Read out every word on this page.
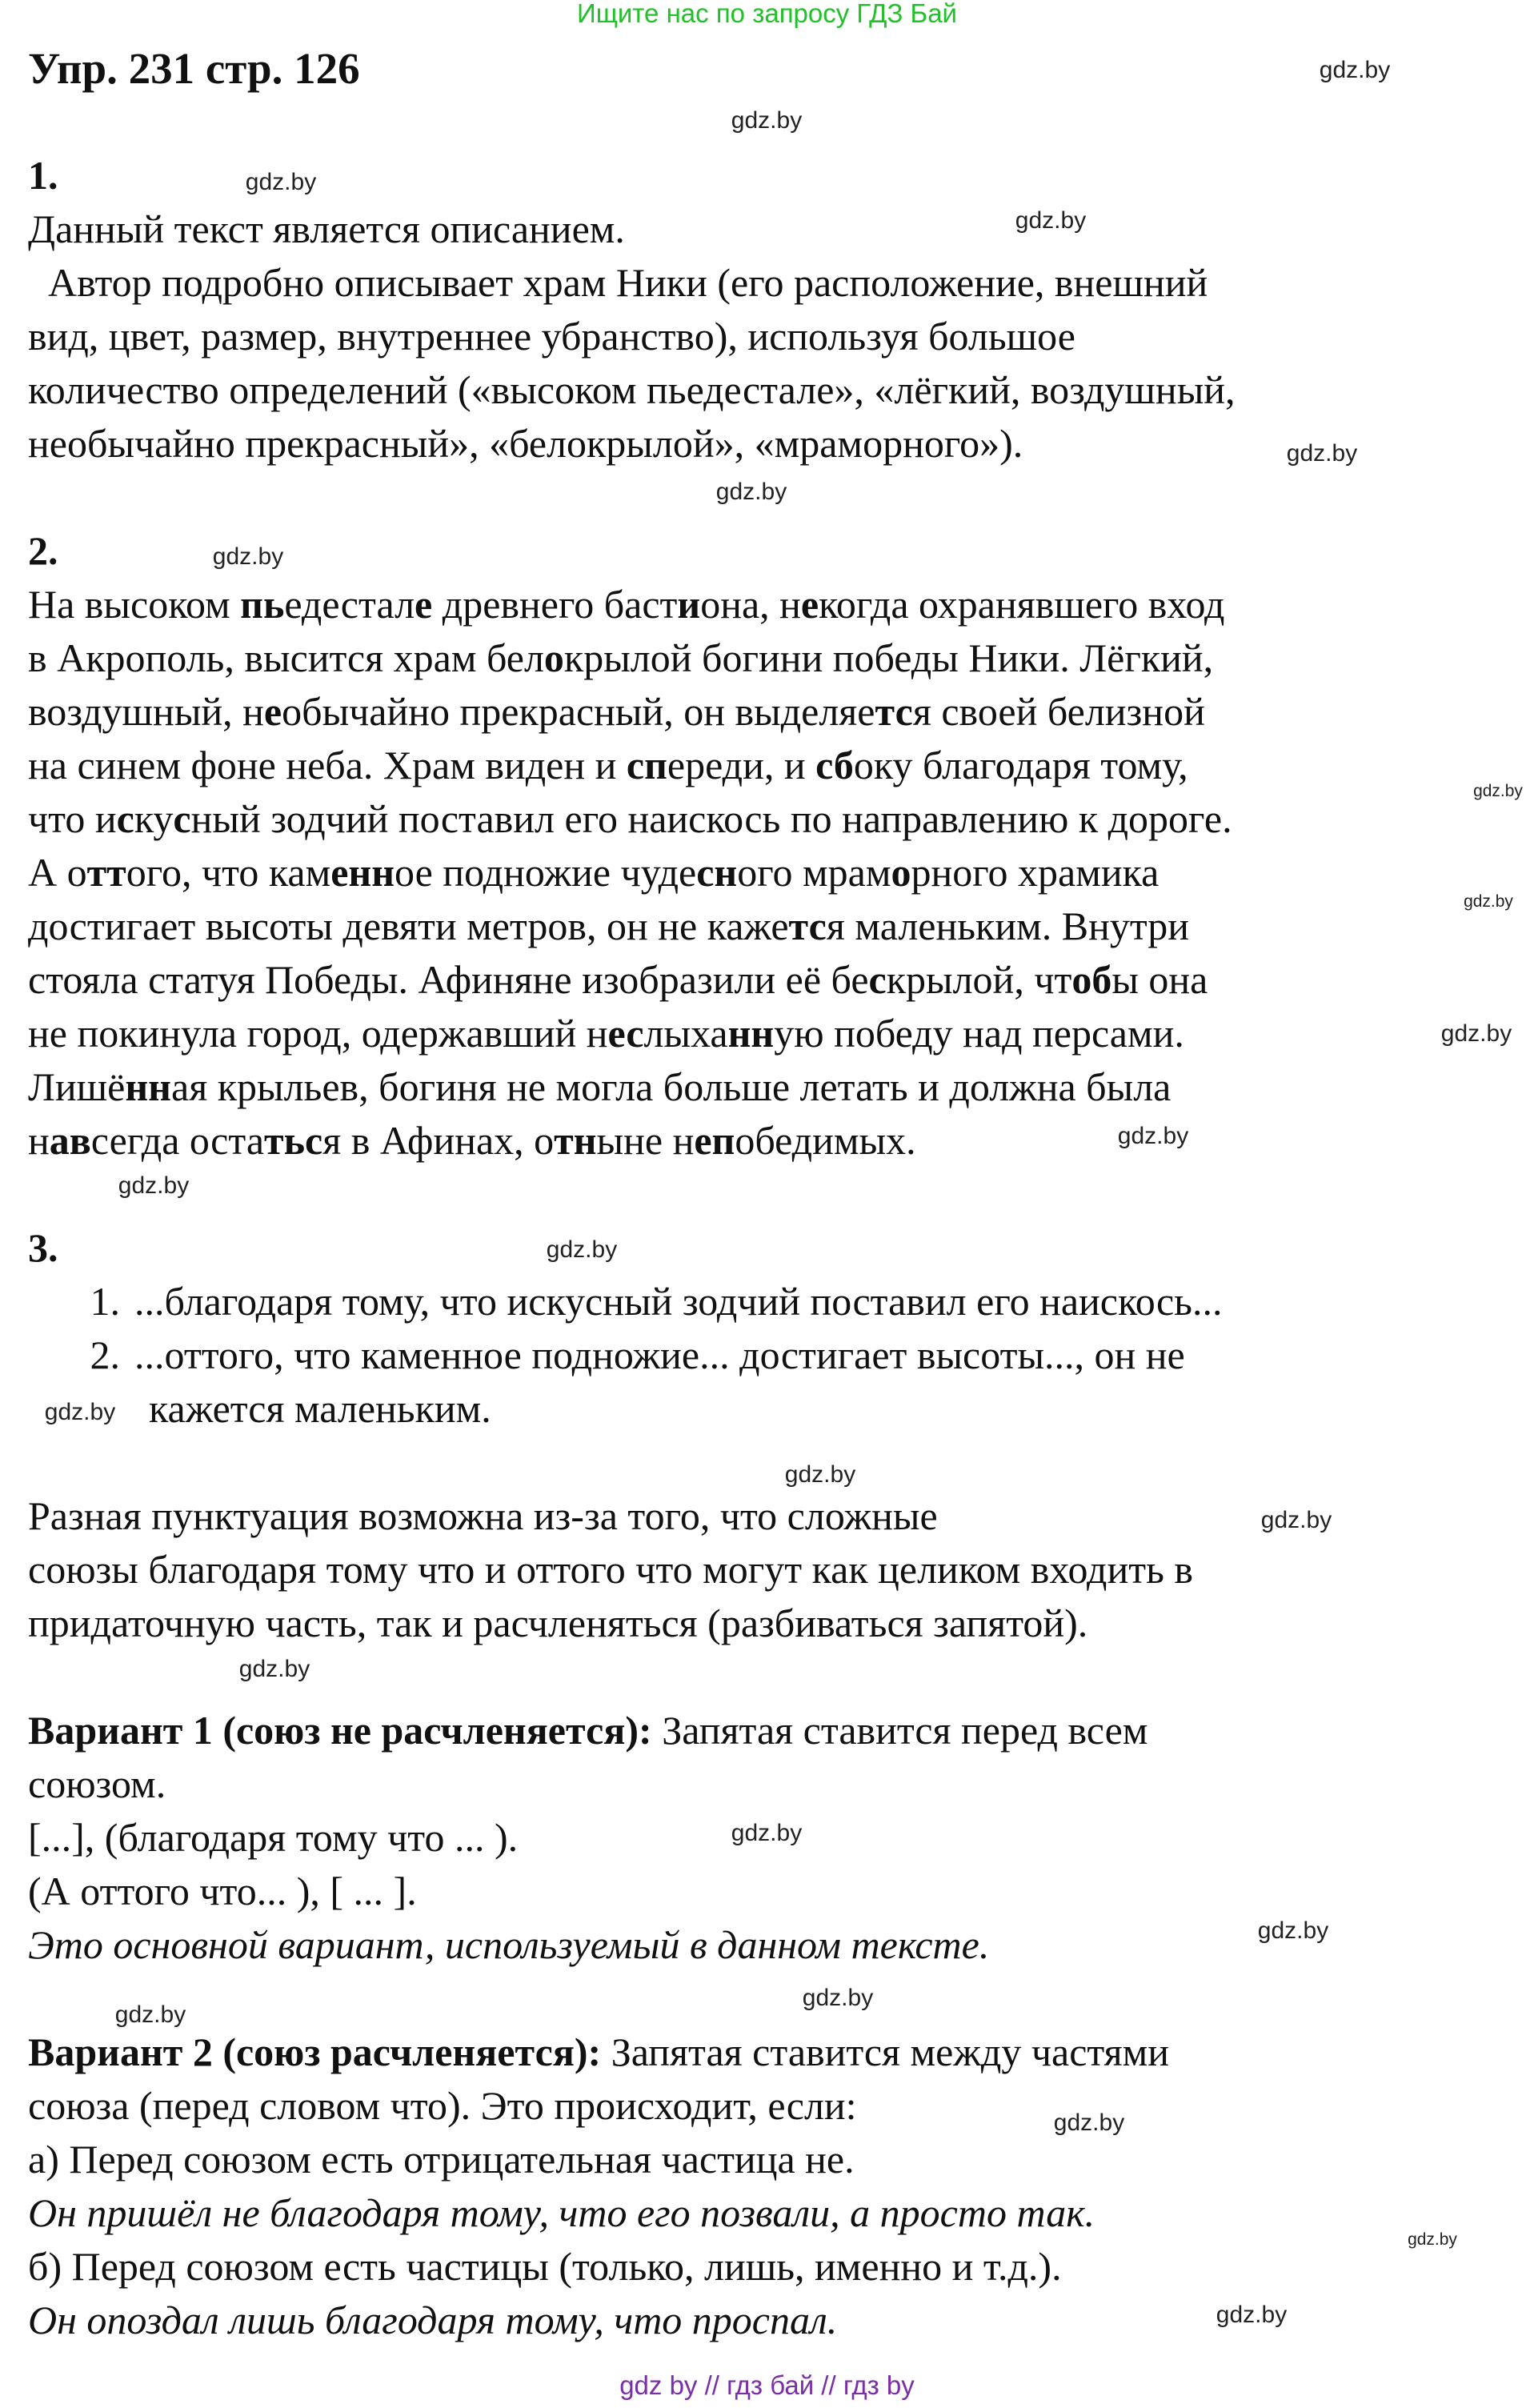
Ищите нас по запросу ГДЗ Бай
Упр. 231 стр. 126
1.
Данный текст является описанием.
Автор подробно описывает храм Ники (его расположение, внешний
вид, цвет, размер, внутреннее убранство), используя большое
количество определений («высоком пьедестале», «лёгкий, воздушный,
необычайно прекрасный», «белокрылой», «мраморного»).
2.
На высоком пьедестале древнего бастиона, некогда охранявшего вход
в Акрополь, высится храм белокрылой богини победы Ники. Лёгкий,
воздушный, необычайно прекрасный, он выделяется своей белизной
на синем фоне неба. Храм виден и спереди, и сбоку благодаря тому,
что искусный зодчий поставил его наискось по направлению к дороге.
А оттого, что каменное подножие чудесного мраморного храмика
достигает высоты девяти метров, он не кажется маленьким. Внутри
стояла статуя Победы. Афиняне изобразили её бескрылой, чтобы она
не покинула город, одержавший неслыханную победу над персами.
Лишённая крыльев, богиня не могла больше летать и должна была
навсегда остаться в Афинах, отныне непобедимых.
3.
1. ...благодаря тому, что искусный зодчий поставил его наискось...
2. ...оттого, что каменное подножие... достигает высоты..., он не
кажется маленьким.
Разная пунктуация возможна из-за того, что сложные
союзы благодаря тому что и оттого что могут как целиком входить в
придаточную часть, так и расчленяться (разбиваться запятой).
Вариант 1 (союз не расчленяется): Запятая ставится перед всем
союзом.
[...], (благодаря тому что ... ).
(А оттого что... ), [ ... ].
Это основной вариант, используемый в данном тексте.
Вариант 2 (союз расчленяется): Запятая ставится между частями
союза (перед словом что). Это происходит, если:
а) Перед союзом есть отрицательная частица не.
Он пришёл не благодаря тому, что его позвали, а просто так.
б) Перед союзом есть частицы (только, лишь, именно и т.д.).
Он опоздал лишь благодаря тому, что проспал.
gdz.by
gdz.by
gdz.by
gdz.by
gdz.by
gdz.by
gdz.by
gdz.by
gdz.by
gdz.by
gdz.by
gdz.by
gdz.by
gdz.by
gdz.by
gdz.by
gdz.by
gdz.by
gdz.by
gdz.by
gdz.by
gdz.by
gdz.by
gdz.by
gdz by // гдз бай // гдз by
